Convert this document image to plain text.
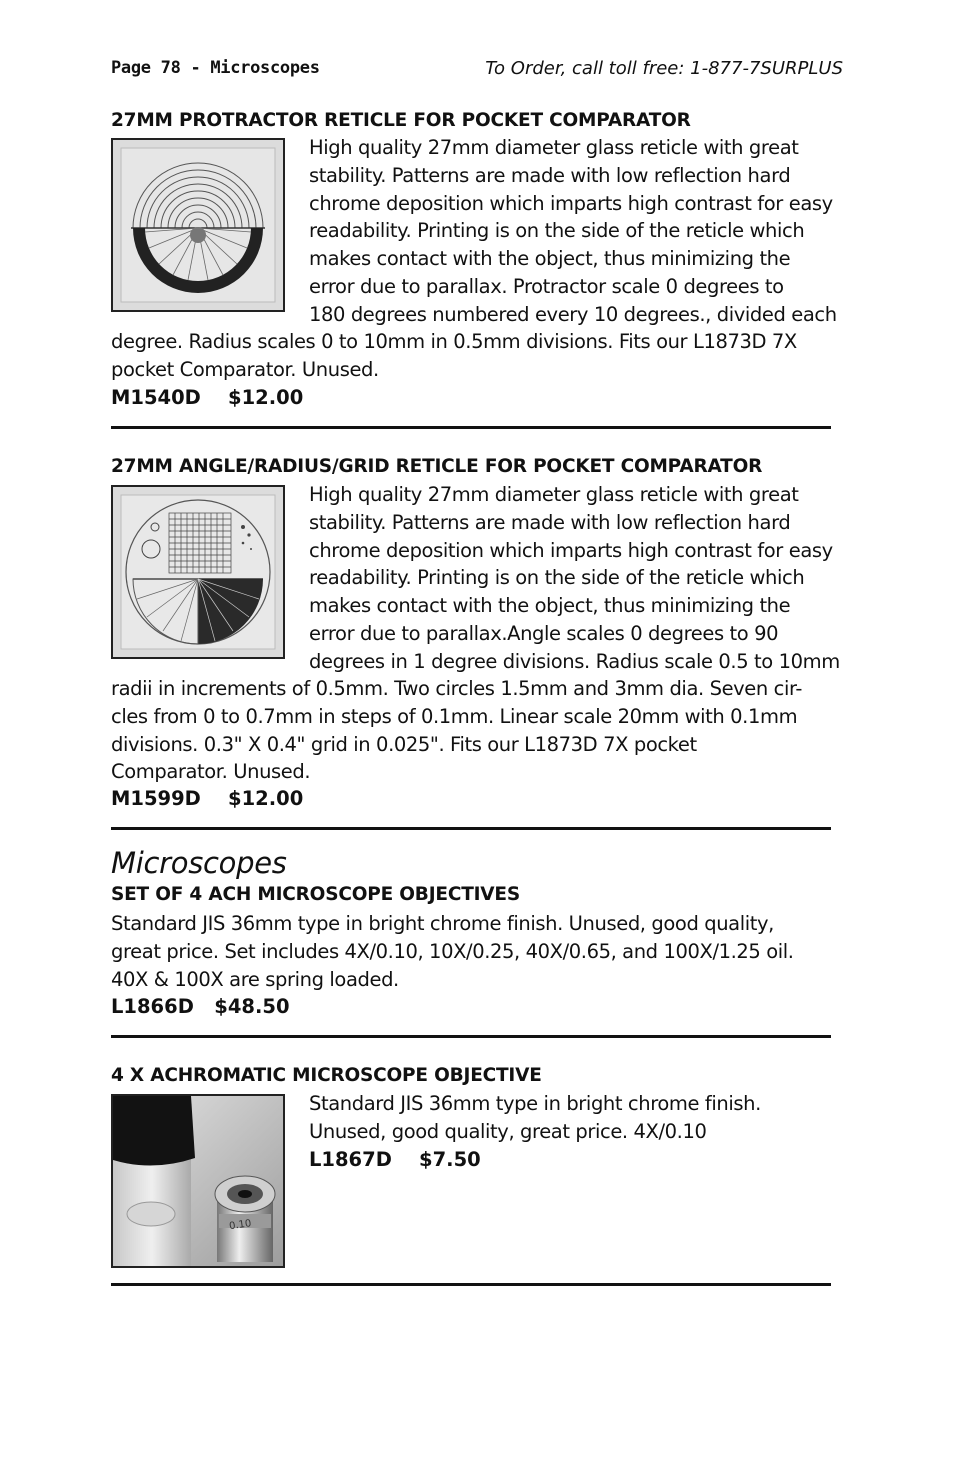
Page 78 - Microscopes	To Order, call toll free: 1-877-7SURPLUS
27MM PROTRACTOR RETICLE FOR POCKET COMPARATOR
High quality 27mm diameter glass reticle with great
stability. Patterns are made with low reflection hard
chrome deposition which imparts high contrast for easy
readability. Printing is on the side of the reticle which
makes contact with the object, thus minimizing the
error due to parallax. Protractor scale 0 degrees to
180 degrees numbered every 10 degrees., divided each
degree. Radius scales 0 to 10mm in 0.5mm divisions. Fits our L1873D 7X
pocket Comparator. Unused.
M1540D $12.00
27MM ANGLE/RADIUS/GRID RETICLE FOR POCKET COMPARATOR
High quality 27mm diameter glass reticle with great
stability. Patterns are made with low reflection hard
chrome deposition which imparts high contrast for easy
readability. Printing is on the side of the reticle which
makes contact with the object, thus minimizing the
error due to parallax.Angle scales 0 degrees to 90
degrees in 1 degree divisions. Radius scale 0.5 to 10mm
radii in increments of 0.5mm. Two circles 1.5mm and 3mm dia. Seven cir-
cles from 0 to 0.7mm in steps of 0.1mm. Linear scale 20mm with 0.1mm
divisions. 0.3" X 0.4" grid in 0.025". Fits our L1873D 7X pocket
Comparator. Unused.
M1599D $12.00
Microscopes
SET OF 4 ACH MICROSCOPE OBJECTIVES
Standard JIS 36mm type in bright chrome finish. Unused, good quality,
great price. Set includes 4X/0.10, 10X/0.25, 40X/0.65, and 100X/1.25 oil.
40X & 100X are spring loaded.
L1866D $48.50
4 X ACHROMATIC MICROSCOPE OBJECTIVE
0.10
Standard JIS 36mm type in bright chrome finish.
Unused, good quality, great price. 4X/0.10
L1867D $7.50
